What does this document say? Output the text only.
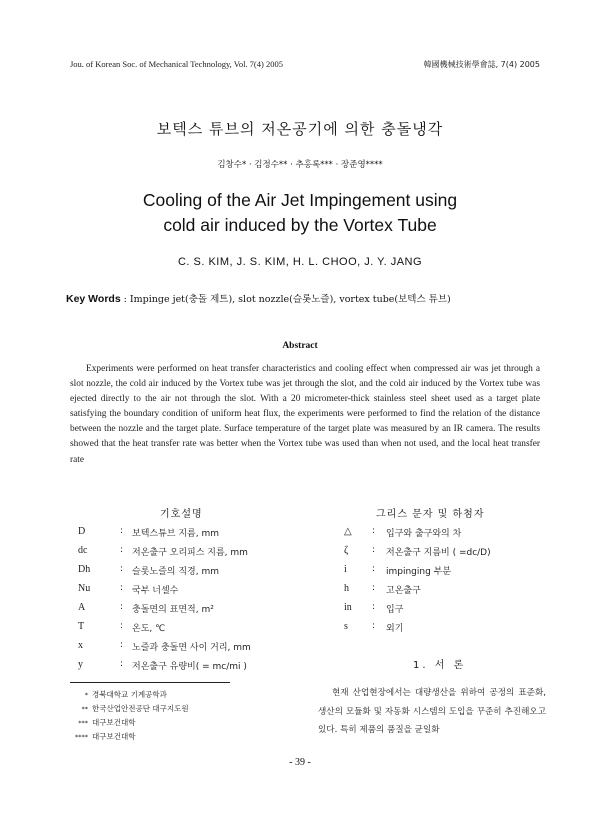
Jou. of Korean Soc. of Mechanical Technology, Vol. 7(4) 2005	韓國機械技術學會誌, 7(4) 2005
보텍스 튜브의 저온공기에 의한 충돌냉각
김창수* · 김정수** · 추홍록*** · 장준영****
Cooling of the Air Jet Impingement using
cold air induced by the Vortex Tube
C. S. KIM, J. S. KIM, H. L. CHOO, J. Y. JANG
Key Words : Impinge jet(충돌 제트), slot nozzle(슬롯노즐), vortex tube(보텍스 튜브)
Abstract

Experiments were performed on heat transfer characteristics and cooling effect when compressed air was jet through a slot nozzle, the cold air induced by the Vortex tube was jet through the slot, and the cold air induced by the Vortex tube was ejected directly to the air not through the slot. With a 20 micrometer-thick stainless steel sheet used as a target plate satisfying the boundary condition of uniform heat flux, the experiments were performed to find the relation of the distance between the nozzle and the target plate. Surface temperature of the target plate was measured by an IR camera. The results showed that the heat transfer rate was better when the Vortex tube was used than when not used, and the local heat transfer rate

기호설명	그리스 문자 및 하첨자
D	: 보텍스튜브 지름, mm
dc	: 저온출구 오리피스 지름, mm
Dh	: 슬롯노즐의 직경, mm
Nu	: 국부 너셀수
A	: 충돌면의 표면적, m²
T	: 온도, ℃
x	: 노즐과 충돌면 사이 거리, mm
y	: 저온출구 유량비( = mc/mi )
△ : 입구와 출구와의 차
ζ	: 저온출구 지름비 ( =dc/D)
i	: impinging 부분
h	: 고온출구
in : 입구
s	: 외기
1. 서 론

현재 산업현장에서는 대량생산을 위하여 공정의 표준화, 생산의 모듈화 및 자동화 시스템의 도입을 꾸준히 추진해오고 있다. 특히 제품의 품질을 균일화

* 경북대학교 기계공학과
** 한국산업안전공단 대구지도원
*** 대구보건대학
**** 대구보건대학
- 39 -
